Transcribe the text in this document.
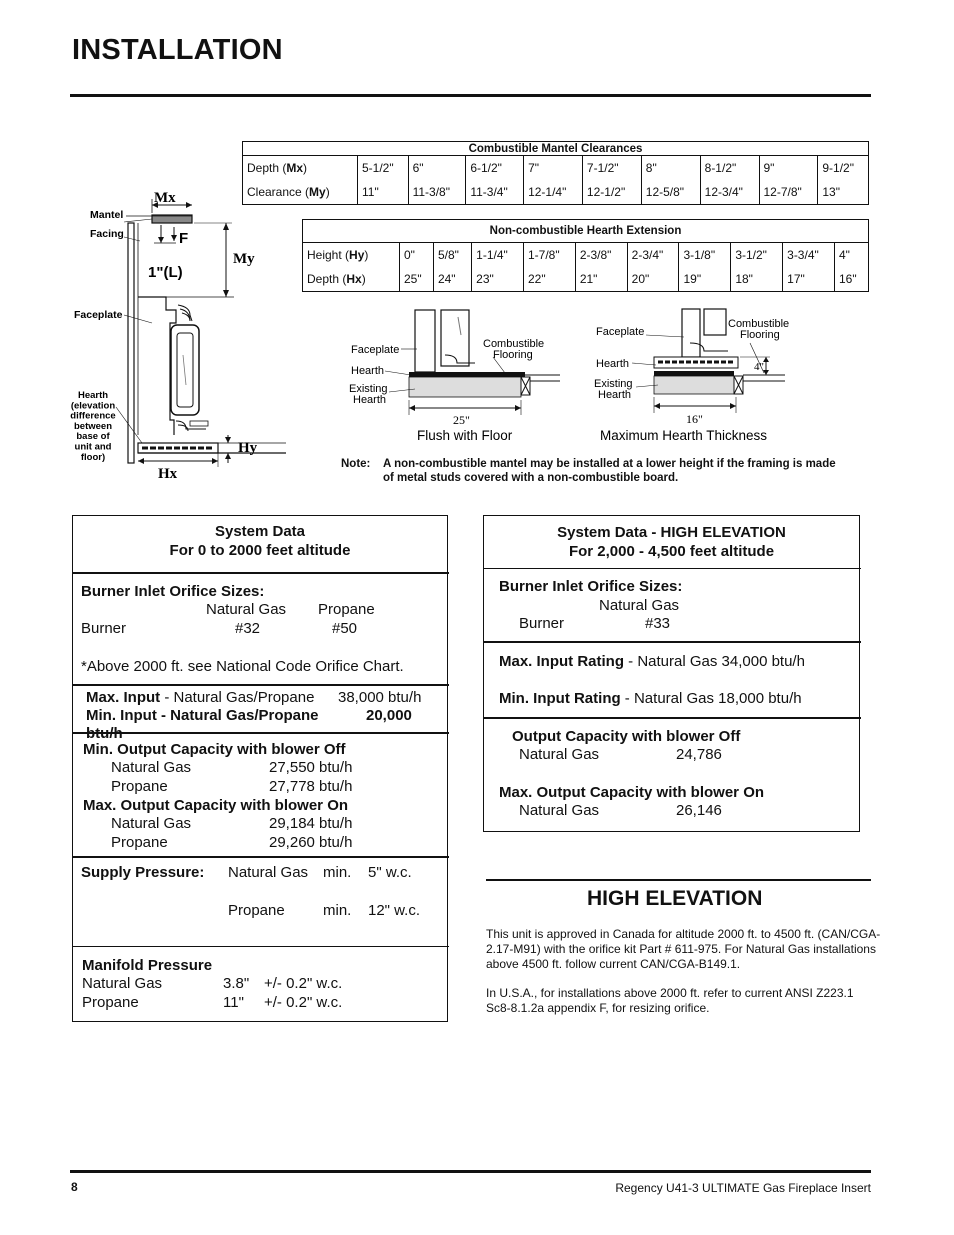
INSTALLATION
Combustible Mantel Clearances									
Depth (Mx)	5-1/2"	6"	6-1/2"	7"	7-1/2"	8"	8-1/2"	9"	9-1/2"
Clearance (My)	11"	11-3/8"	11-3/4"	12-1/4"	12-1/2"	12-5/8"	12-3/4"	12-7/8"	13"
Non-combustible Hearth Extension										
Height (Hy)	0"	5/8"	1-1/4"	1-7/8"	2-3/8"	2-3/4"	3-1/8"	3-1/2"	3-3/4"	4"
Depth (Hx)	25"	24"	23"	22"	21"	20"	19"	18"	17"	16"
Mx
My
F
1"(L)
Hy
Hx
Mantel
Facing
Faceplate
Hearth
(elevation
difference
between
base of
unit and
floor)
Faceplate
Hearth
Existing
Hearth
Combustible
Flooring
25"
Flush with Floor
Faceplate
Hearth
Existing
Hearth
Combustible
Flooring
4"
16"
Maximum Hearth Thickness
Note: A non-combustible mantel may be installed at a lower height if the framing is made
of metal studs covered with a non-combustible board.
System Data
For 0 to 2000 feet altitude
Burner Inlet Orifice Sizes:
Natural Gas Propane
Burner	#32	#50
*Above 2000 ft. see National Code Orifice Chart.
Max. Input - Natural Gas/Propane 38,000 btu/h
Min. Input - Natural Gas/Propane	20,000
Min. Output Capacity with blower Off
Natural Gas	27,550 btu/h
Propane	27,778 btu/h
Max. Output Capacity with blower On
Natural Gas	29,184 btu/h
Propane	29,260 btu/h
Supply Pressure: Natural Gas min. 5" w.c.
Propane	min. 12" w.c.
Manifold Pressure
Natural Gas	3.8" +/- 0.2" w.c.
Propane	11" +/- 0.2" w.c.
System Data - HIGH ELEVATION
For 2,000 - 4,500 feet altitude
Burner Inlet Orifice Sizes:
Natural Gas
Burner	#33
Max. Input Rating - Natural Gas 34,000 btu/h
Min. Input Rating - Natural Gas 18,000 btu/h
Output Capacity with blower Off
Natural Gas	24,786
Max. Output Capacity with blower On
Natural Gas	26,146
HIGH ELEVATION
This unit is approved in Canada for altitude 2000 ft. to 4500 ft. (CAN/CGA-
2.17-M91) with the orifice kit Part # 611-975. For Natural Gas installations
above 4500 ft. follow current CAN/CGA-B149.1.
In U.S.A., for installations above 2000 ft. refer to current ANSI Z223.1
Sc8-8.1.2a appendix F, for resizing orifice.
8	Regency U41-3 ULTIMATE Gas Fireplace Insert
